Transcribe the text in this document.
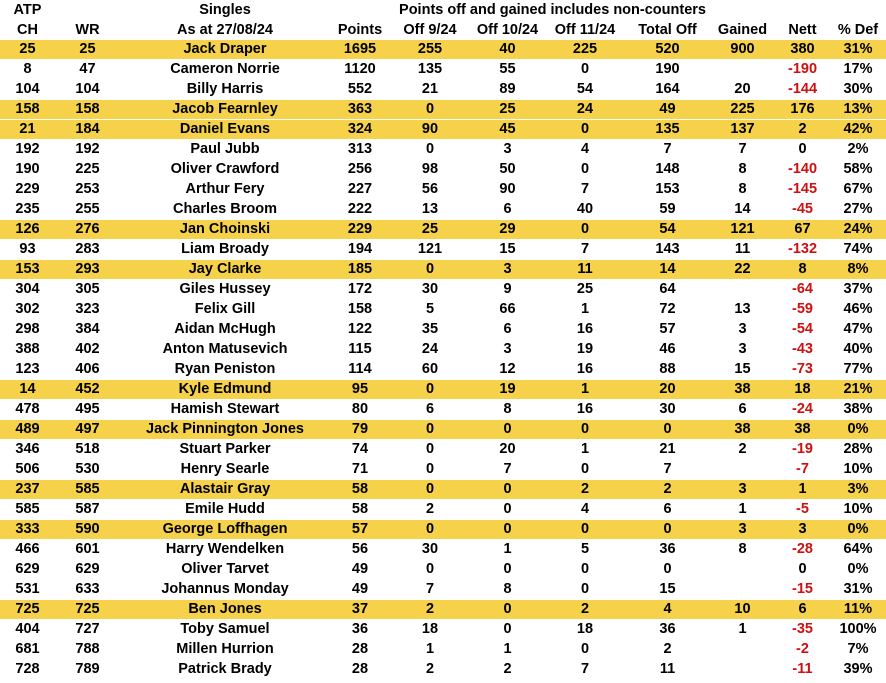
ATP		Singles	Points off and gained includes non-counters							
CH	WR	As at 27/08/24	Points	Off 9/24	Off 10/24	Off 11/24	Total Off	Gained	Nett	% Def
25	25	Jack Draper	1695	255	40	225	520	900	380	31%
8	47	Cameron Norrie	1120	135	55	0	190		-190	17%
104	104	Billy Harris	552	21	89	54	164	20	-144	30%
158	158	Jacob Fearnley	363	0	25	24	49	225	176	13%
21	184	Daniel Evans	324	90	45	0	135	137	2	42%
192	192	Paul Jubb	313	0	3	4	7	7	0	2%
190	225	Oliver Crawford	256	98	50	0	148	8	-140	58%
229	253	Arthur Fery	227	56	90	7	153	8	-145	67%
235	255	Charles Broom	222	13	6	40	59	14	-45	27%
126	276	Jan Choinski	229	25	29	0	54	121	67	24%
93	283	Liam Broady	194	121	15	7	143	11	-132	74%
153	293	Jay Clarke	185	0	3	11	14	22	8	8%
304	305	Giles Hussey	172	30	9	25	64		-64	37%
302	323	Felix Gill	158	5	66	1	72	13	-59	46%
298	384	Aidan McHugh	122	35	6	16	57	3	-54	47%
388	402	Anton Matusevich	115	24	3	19	46	3	-43	40%
123	406	Ryan Peniston	114	60	12	16	88	15	-73	77%
14	452	Kyle Edmund	95	0	19	1	20	38	18	21%
478	495	Hamish Stewart	80	6	8	16	30	6	-24	38%
489	497	Jack Pinnington Jones	79	0	0	0	0	38	38	0%
346	518	Stuart Parker	74	0	20	1	21	2	-19	28%
506	530	Henry Searle	71	0	7	0	7		-7	10%
237	585	Alastair Gray	58	0	0	2	2	3	1	3%
585	587	Emile Hudd	58	2	0	4	6	1	-5	10%
333	590	George Loffhagen	57	0	0	0	0	3	3	0%
466	601	Harry Wendelken	56	30	1	5	36	8	-28	64%
629	629	Oliver Tarvet	49	0	0	0	0		0	0%
531	633	Johannus Monday	49	7	8	0	15		-15	31%
725	725	Ben Jones	37	2	0	2	4	10	6	11%
404	727	Toby Samuel	36	18	0	18	36	1	-35	100%
681	788	Millen Hurrion	28	1	1	0	2		-2	7%
728	789	Patrick Brady	28	2	2	7	11		-11	39%
